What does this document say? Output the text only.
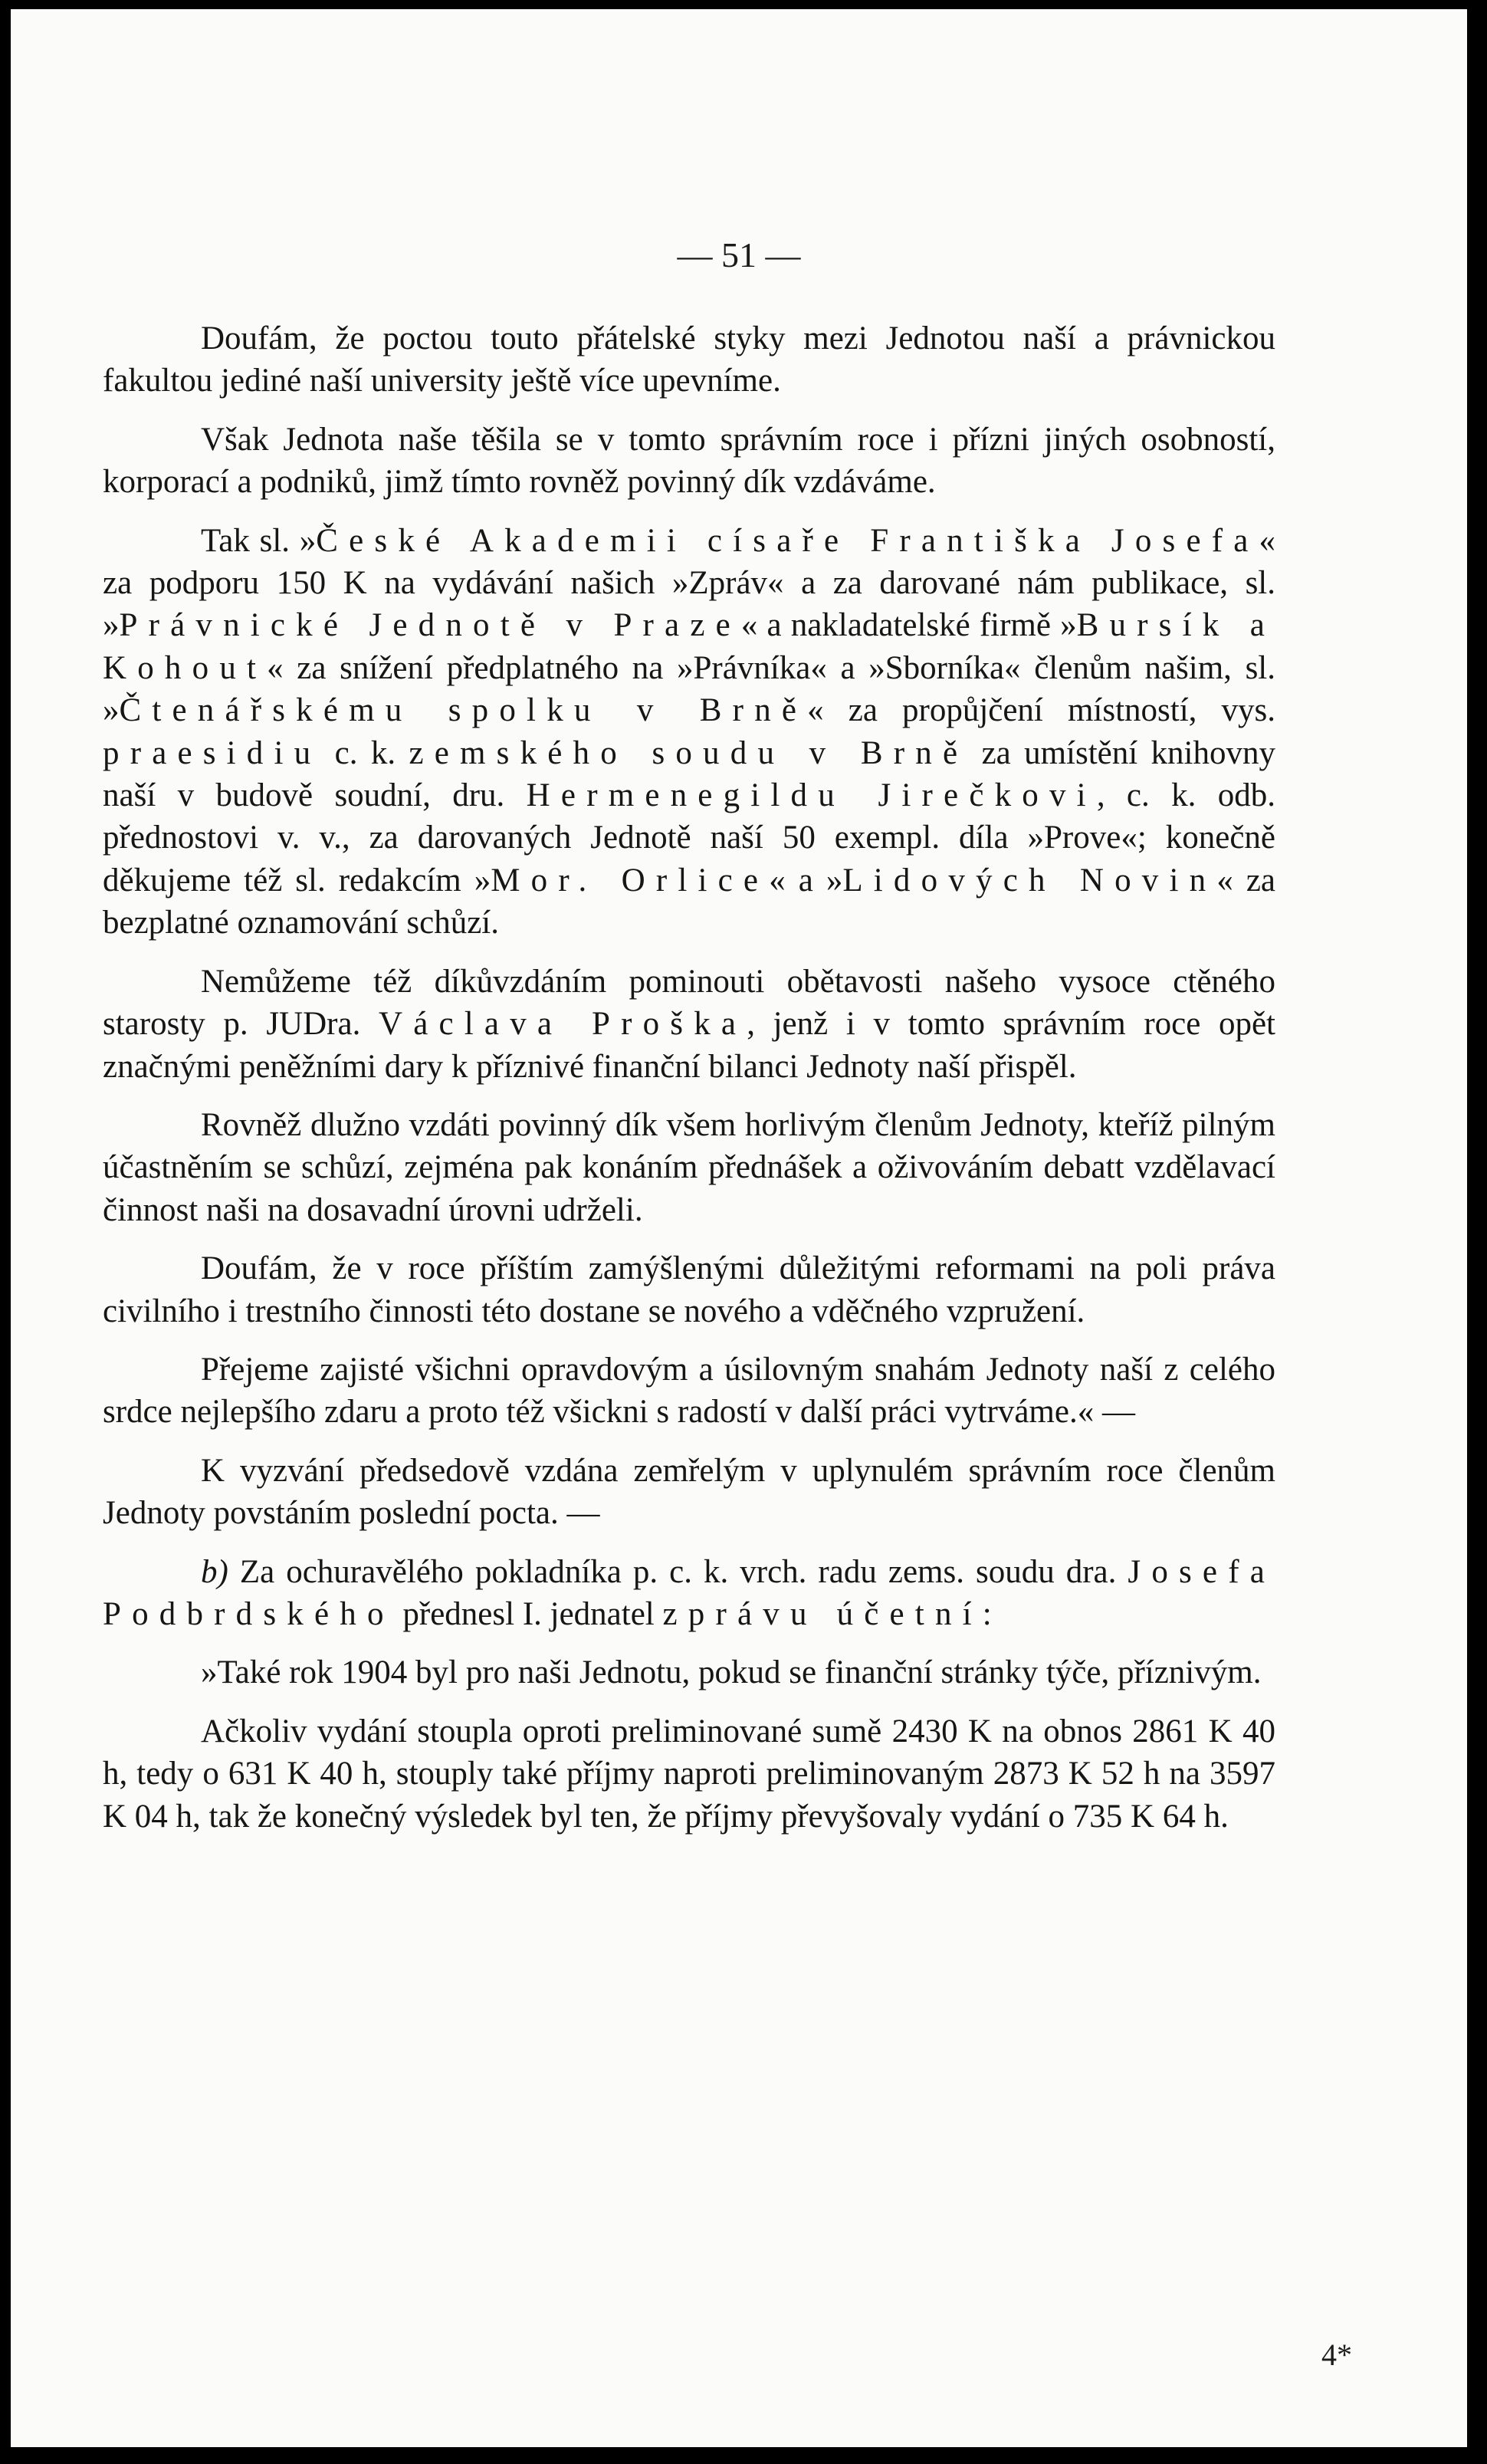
— 51 —

Doufám, že poctou touto přátelské styky mezi Jednotou naší a právnickou fakultou jediné naší university ještě více upevníme.

Však Jednota naše těšila se v tomto správním roce i přízni jiných osobností, korporací a podniků, jimž tímto rovněž povinný dík vzdáváme.

Tak sl. »České Akademii císaře Františka Josefa« za podporu 150 K na vydávání našich »Zpráv« a za darované nám publikace, sl. »Právnické Jednotě v Praze« a nakladatelské firmě »Bursík a Kohout« za snížení předplatného na »Právníka« a »Sborníka« členům našim, sl. »Čtenářskému spolku v Brně« za propůjčení místností, vys. praesidiu c. k. zemského soudu v Brně za umístění knihovny naší v budově soudní, dru. Hermenegildu Jirečkovi, c. k. odb. přednostovi v. v., za darovaných Jednotě naší 50 exempl. díla »Prove«; konečně děkujeme též sl. redakcím »Mor. Orlice« a »Lidových Novin« za bezplatné oznamování schůzí.

Nemůžeme též díkůvzdáním pominouti obětavosti našeho vysoce ctěného starosty p. JUDra. Václava Proška, jenž i v tomto správním roce opět značnými peněžními dary k příznivé finanční bilanci Jednoty naší přispěl.

Rovněž dlužno vzdáti povinný dík všem horlivým členům Jednoty, kteříž pilným účastněním se schůzí, zejména pak konáním přednášek a oživováním debatt vzdělavací činnost naši na dosavadní úrovni udrželi.

Doufám, že v roce příštím zamýšlenými důležitými reformami na poli práva civilního i trestního činnosti této dostane se nového a vděčného vzpružení.

Přejeme zajisté všichni opravdovým a úsilovným snahám Jednoty naší z celého srdce nejlepšího zdaru a proto též všickni s radostí v další práci vytrváme.« —

K vyzvání předsedově vzdána zemřelým v uplynulém správním roce členům Jednoty povstáním poslední pocta. —

b) Za ochuravělého pokladníka p. c. k. vrch. radu zems. soudu dra. Josefa Podbrdského přednesl I. jednatel zprávu účetní:

»Také rok 1904 byl pro naši Jednotu, pokud se finanční stránky týče, příznivým.

Ačkoliv vydání stoupla oproti preliminované sumě 2430 K na obnos 2861 K 40 h, tedy o 631 K 40 h, stouply také příjmy naproti preliminovaným 2873 K 52 h na 3597 K 04 h, tak že konečný výsledek byl ten, že příjmy převyšovaly vydání o 735 K 64 h.

4*
